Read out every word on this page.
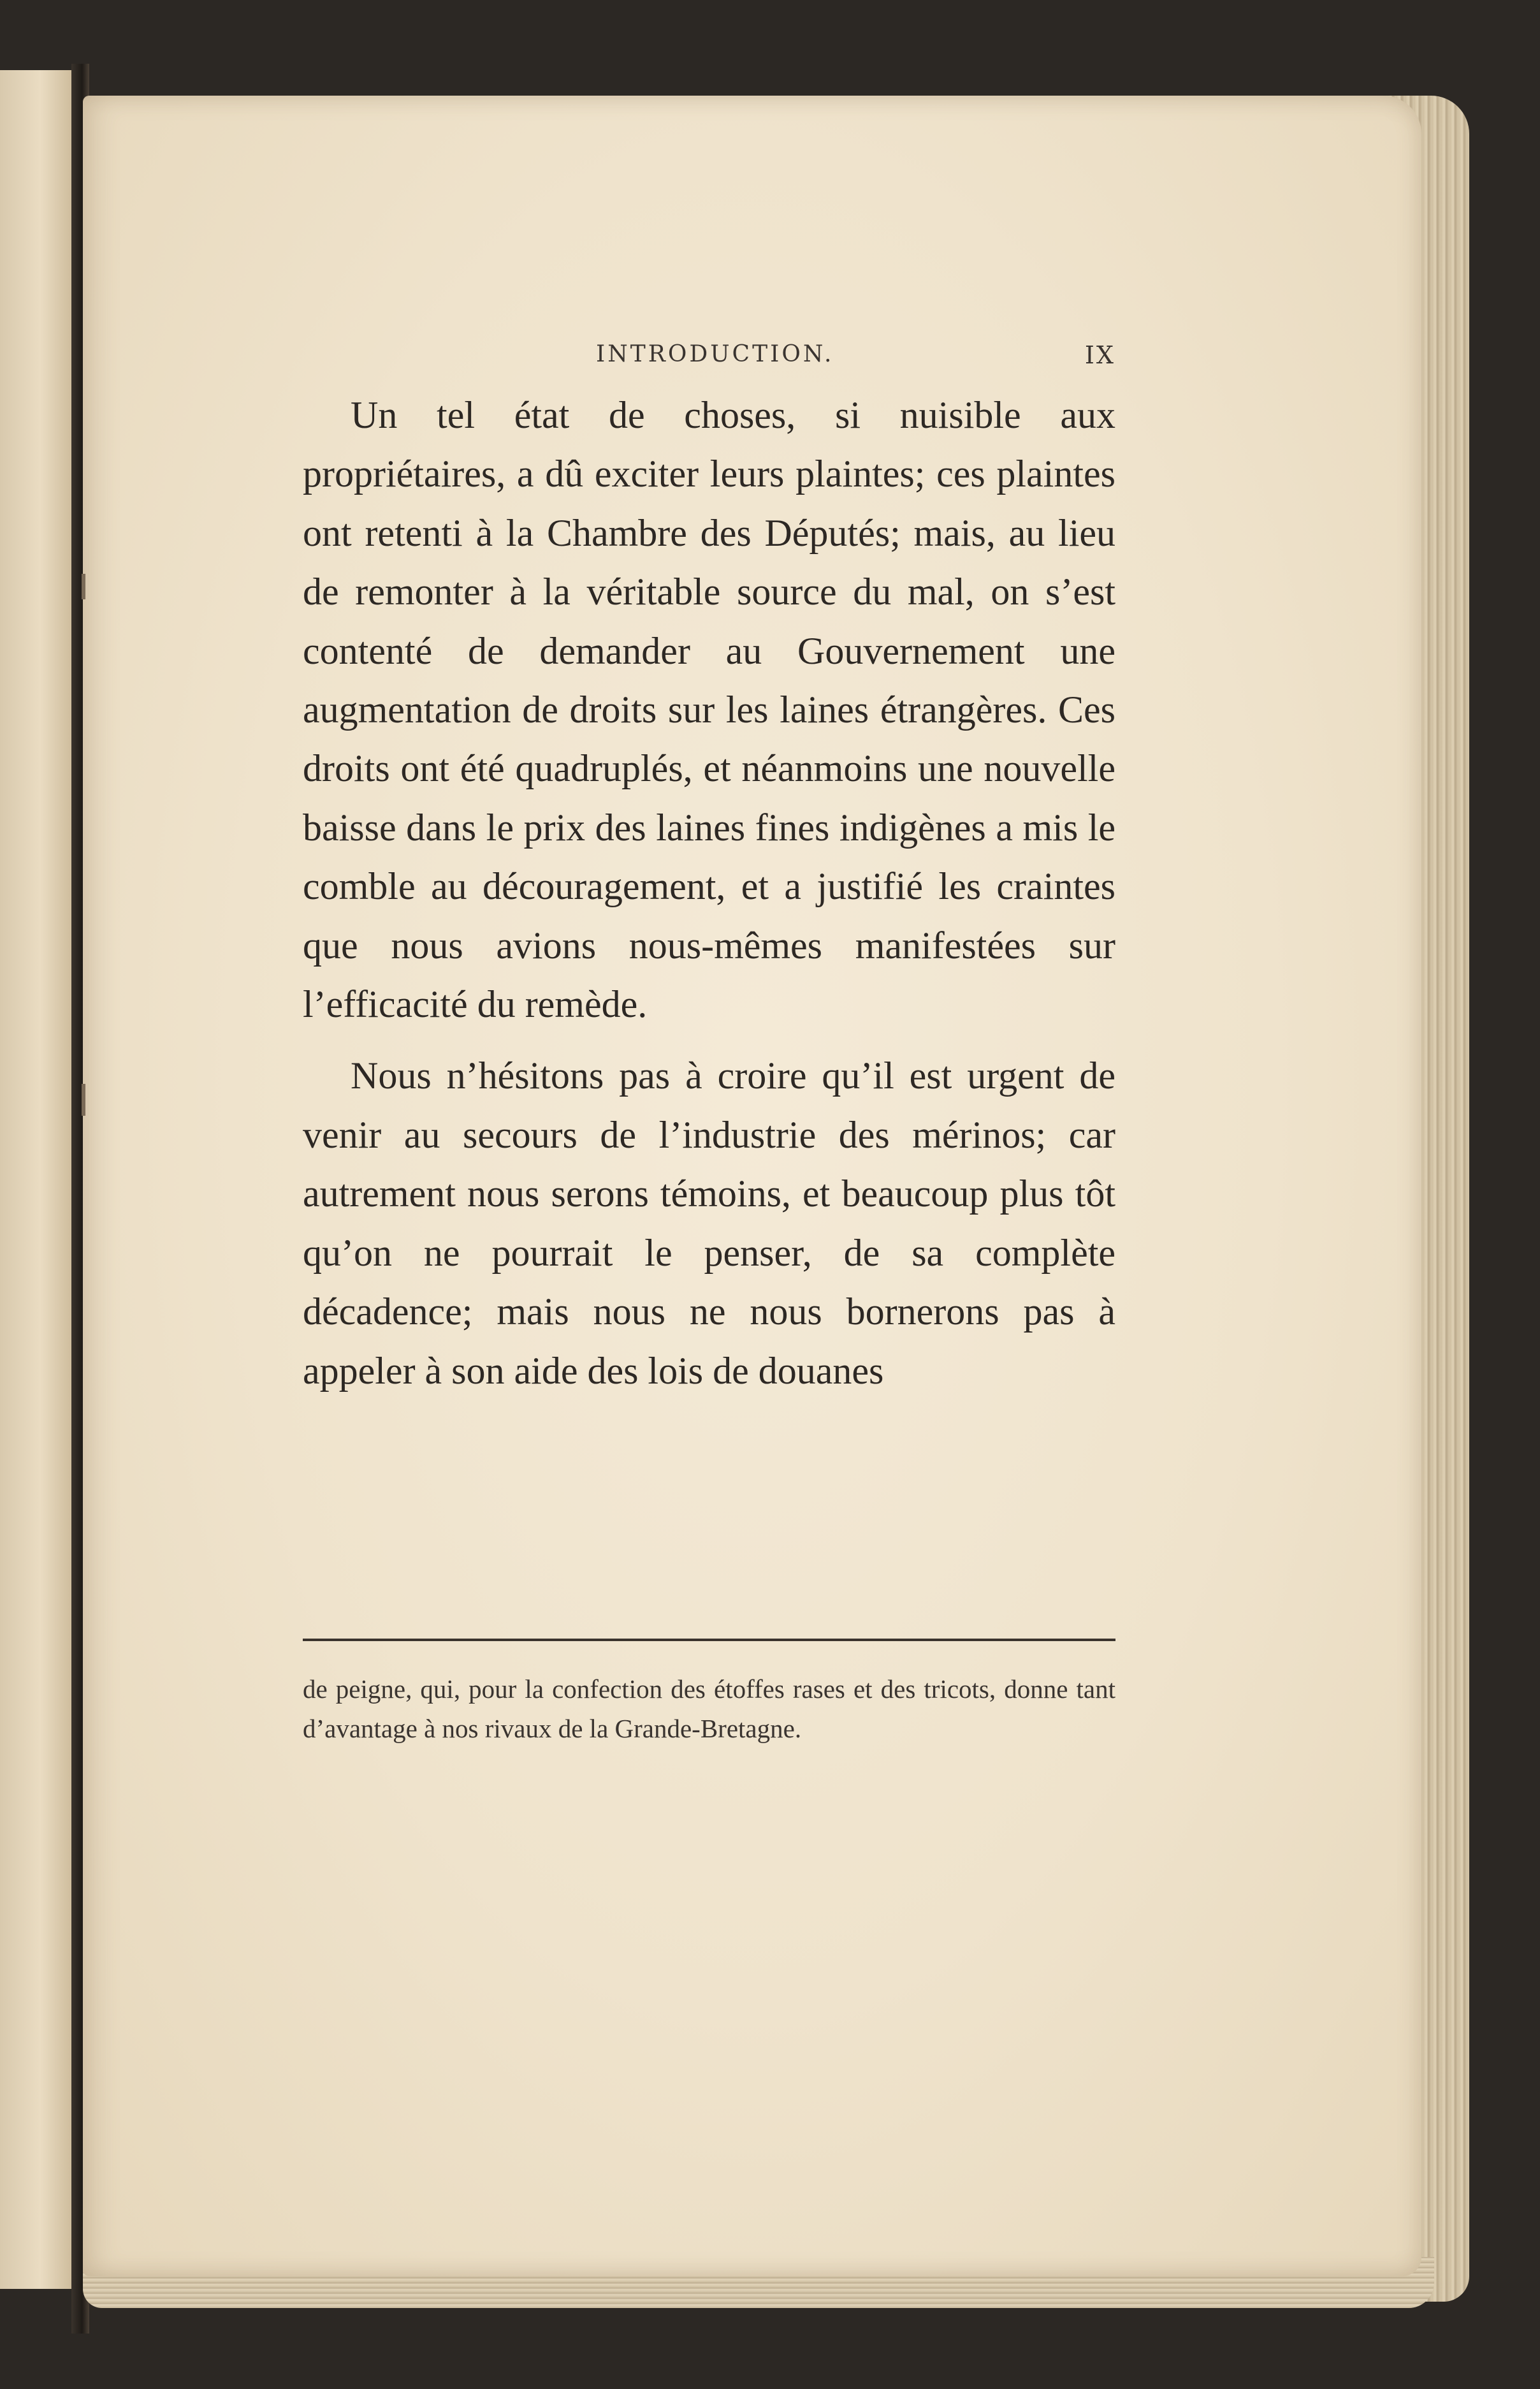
INTRODUCTION.	IX

Un tel état de choses, si nuisible aux propriétaires, a dû exciter leurs plaintes; ces plaintes ont retenti à la Chambre des Députés; mais, au lieu de remonter à la véritable source du mal, on s’est contenté de demander au Gouvernement une augmentation de droits sur les laines étrangères. Ces droits ont été quadruplés, et néanmoins une nouvelle baisse dans le prix des laines fines indigènes a mis le comble au découragement, et a justifié les craintes que nous avions nous-mêmes manifestées sur l’efficacité du remède.

Nous n’hésitons pas à croire qu’il est urgent de venir au secours de l’industrie des mérinos; car autrement nous serons témoins, et beaucoup plus tôt qu’on ne pourrait le penser, de sa complète décadence; mais nous ne nous bornerons pas à appeler à son aide des lois de douanes

de peigne, qui, pour la confection des étoffes rases et des tricots, donne tant d’avantage à nos rivaux de la Grande-Bretagne.
